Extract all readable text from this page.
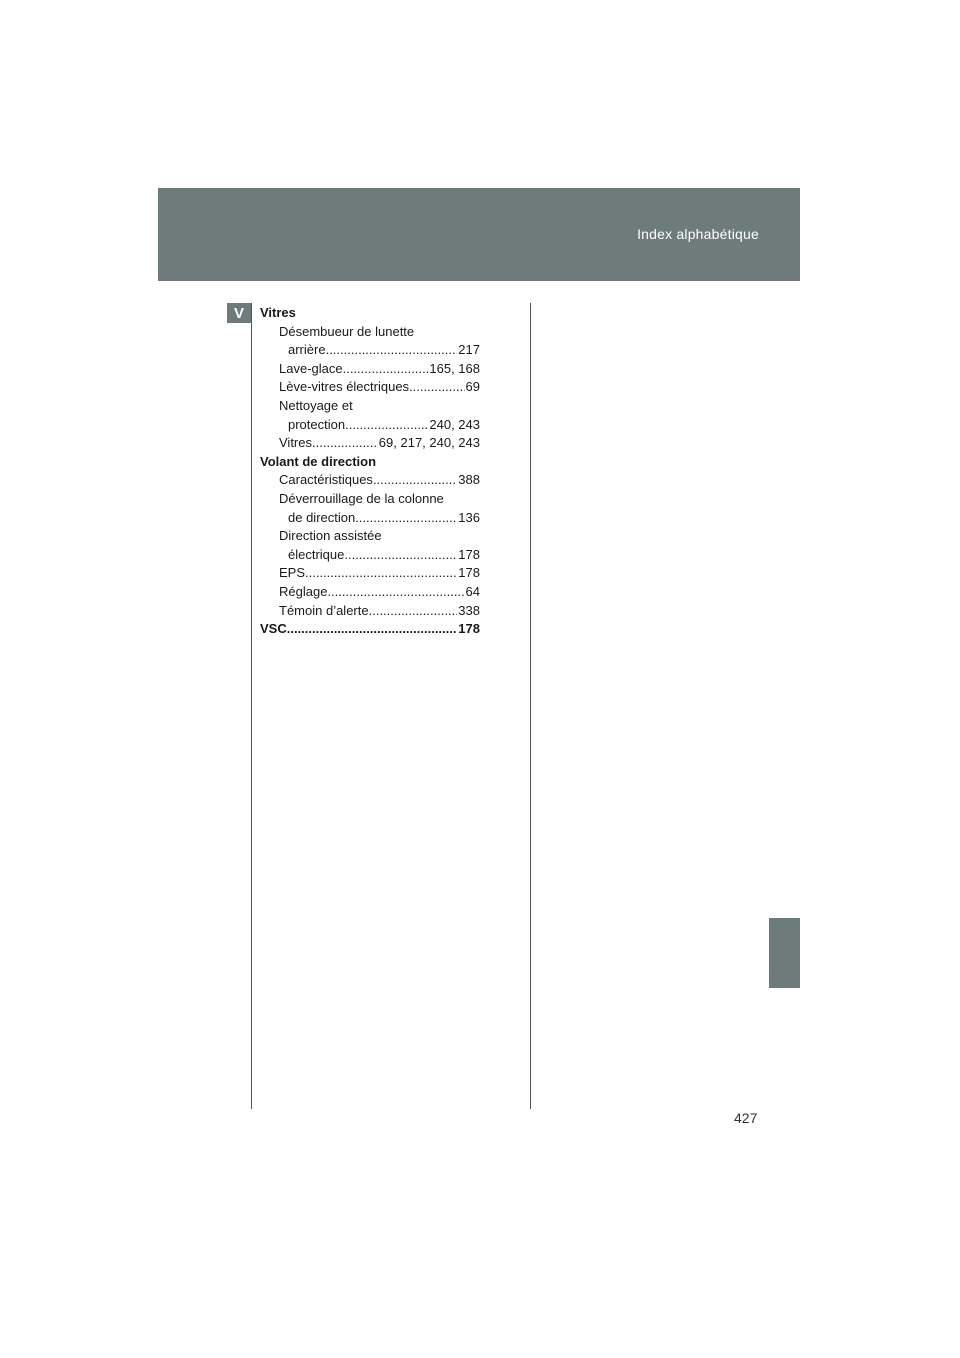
Index alphabétique
V	Vitres
Désembueur de lunette
arrière .....	217
Lave-glace .....	165, 168
Lève-vitres électriques .....	69
Nettoyage et
protection .....	240, 243
Vitres .....	69, 217, 240, 243
Volant de direction
Caractéristiques .....	388
Déverrouillage de la colonne
de direction .....	136
Direction assistée
électrique .....	178
EPS .....	178
Réglage .....	64
Témoin d’alerte .....	338
VSC .....	178
427
